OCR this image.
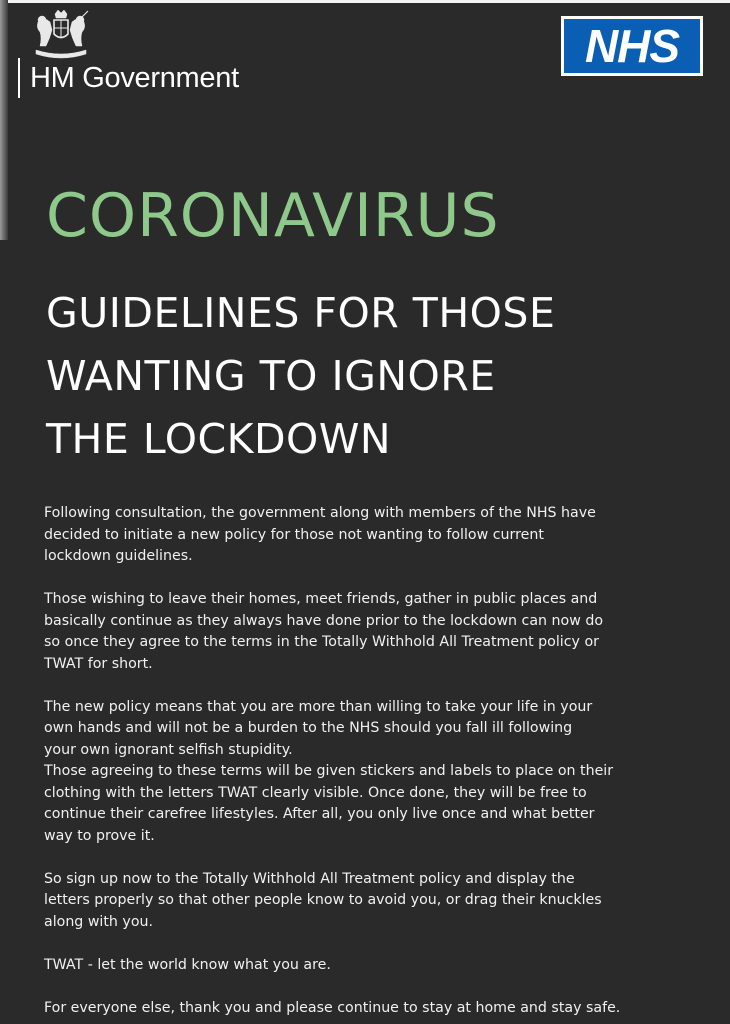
HM Government
NHS
CORONAVIRUS
GUIDELINES FOR THOSE
WANTING TO IGNORE
THE LOCKDOWN
Following consultation, the government along with members of the NHS have
decided to initiate a new policy for those not wanting to follow current
lockdown guidelines.
Those wishing to leave their homes, meet friends, gather in public places and
basically continue as they always have done prior to the lockdown can now do
so once they agree to the terms in the Totally Withhold All Treatment policy or
TWAT for short.
The new policy means that you are more than willing to take your life in your
own hands and will not be a burden to the NHS should you fall ill following
your own ignorant selfish stupidity.
Those agreeing to these terms will be given stickers and labels to place on their
clothing with the letters TWAT clearly visible. Once done, they will be free to
continue their carefree lifestyles. After all, you only live once and what better
way to prove it.
So sign up now to the Totally Withhold All Treatment policy and display the
letters properly so that other people know to avoid you, or drag their knuckles
along with you.
TWAT - let the world know what you are.
For everyone else, thank you and please continue to stay at home and stay safe.
